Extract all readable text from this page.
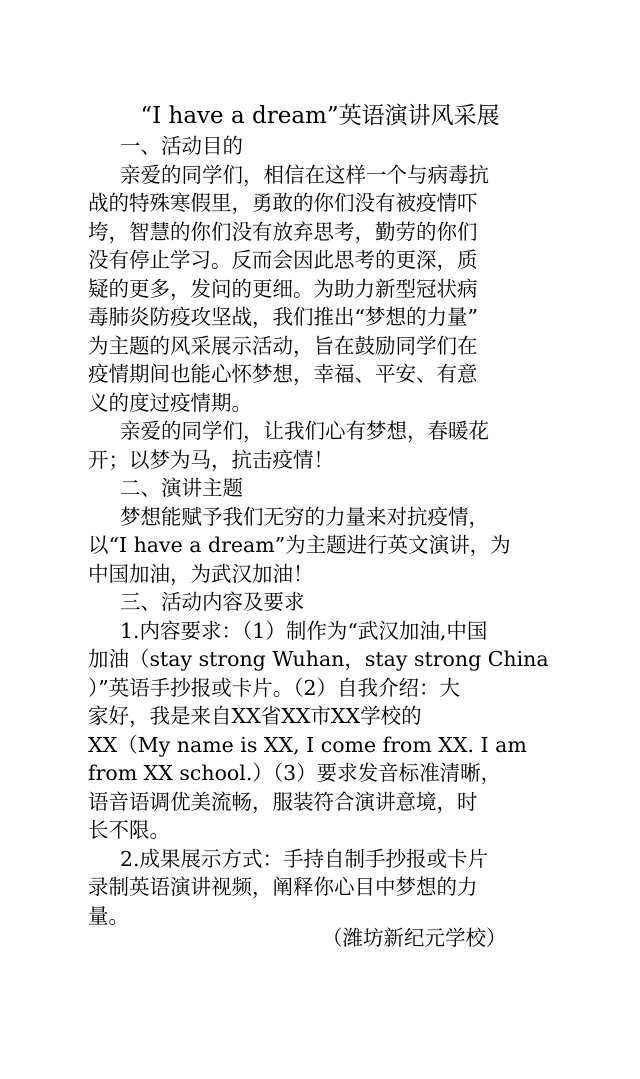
“I have a dream”英语演讲风采展
一、活动目的
亲爱的同学们，相信在这样一个与病毒抗
战的特殊寒假里，勇敢的你们没有被疫情吓
垮，智慧的你们没有放弃思考，勤劳的你们
没有停止学习。反而会因此思考的更深，质
疑的更多，发问的更细。为助力新型冠状病
毒肺炎防疫攻坚战，我们推出“梦想的力量”
为主题的风采展示活动，旨在鼓励同学们在
疫情期间也能心怀梦想，幸福、平安、有意
义的度过疫情期。
亲爱的同学们，让我们心有梦想，春暖花
开；以梦为马，抗击疫情！
二、演讲主题
梦想能赋予我们无穷的力量来对抗疫情，
以“I have a dream”为主题进行英文演讲，为
中国加油，为武汉加油！
三、活动内容及要求
1.内容要求：（1）制作为“武汉加油,中国
加油（stay strong Wuhan，stay strong China
）”英语手抄报或卡片。（2）自我介绍：大
家好，我是来自XX省XX市XX学校的
XX（My name is XX, I come from XX. I am
from XX school.）（3）要求发音标准清晰，
语音语调优美流畅，服装符合演讲意境，时
长不限。
2.成果展示方式：手持自制手抄报或卡片
录制英语演讲视频，阐释你心目中梦想的力
量。
（潍坊新纪元学校）
